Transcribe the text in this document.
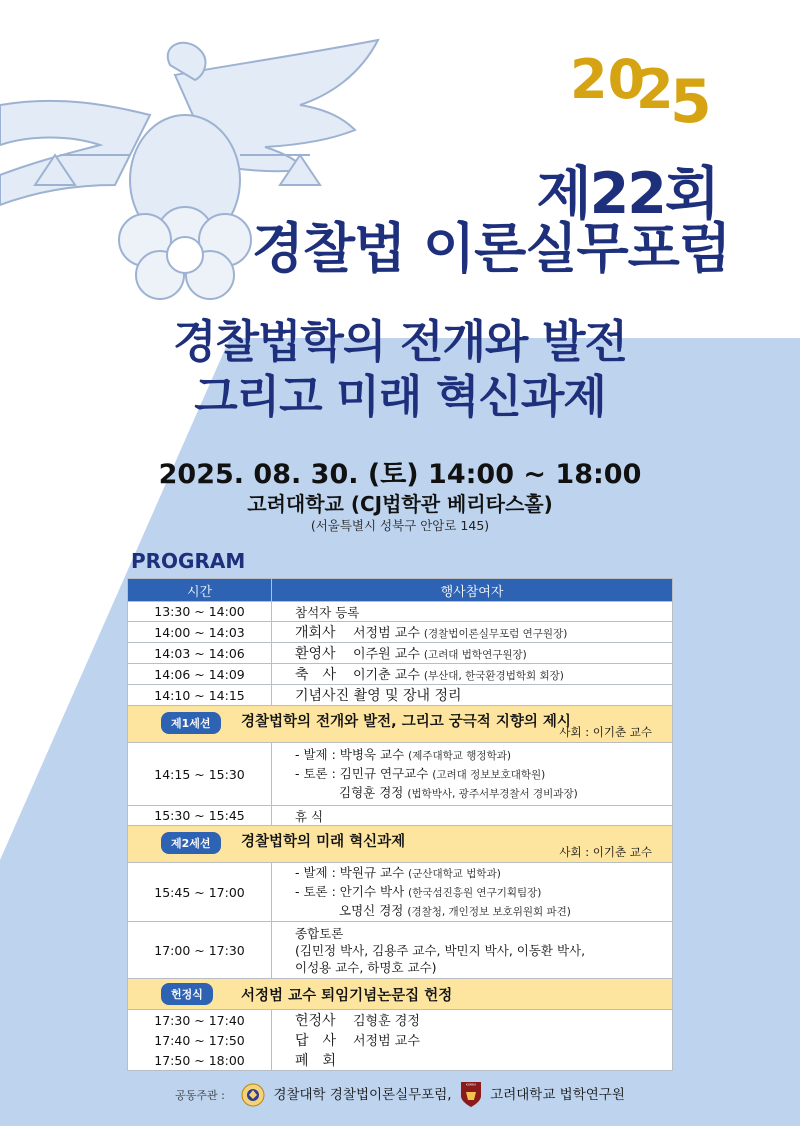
20
2
5
제22회
경찰법 이론실무포럼
경찰법학의 전개와 발전
그리고 미래 혁신과제
2025. 08. 30. (토) 14:00 ~ 18:00
고려대학교 (CJ법학관 베리타스홀)
(서울특별시 성북구 안암로 145)
PROGRAM
시간	행사참여자
13:30 ~ 14:00	참석자 등록
14:00 ~ 14:03	개회사 서정범 교수 (경찰법이론실무포럼 연구원장)
14:03 ~ 14:06	환영사 이주원 교수 (고려대 법학연구원장)
14:06 ~ 14:09	축　사 이기춘 교수 (부산대, 한국환경법학회 회장)
14:10 ~ 14:15	기념사진 촬영 및 장내 정리

제1세션 경찰법학의 전개와 발전, 그리고 궁극적 지향의 제시
사회 : 이기춘 교수	

14:15 ~ 15:30	- 발제 : 박병욱 교수 (제주대학교 행정학과)
- 토론 : 김민규 연구교수 (고려대 정보보호대학원)
김형훈 경정 (법학박사, 광주서부경찰서 경비과장)

15:30 ~ 15:45	휴 식

제2세션 경찰법학의 미래 혁신과제
사회 : 이기춘 교수	

15:45 ~ 17:00	- 발제 : 박원규 교수 (군산대학교 법학과)
- 토론 : 안기수 박사 (한국섬진흥원 연구기획팀장)
오명신 경정 (경찰청, 개인정보 보호위원회 파견)

17:00 ~ 17:30	종합토론
(김민정 박사, 김용주 교수, 박민지 박사, 이동환 박사,
이성용 교수, 하명호 교수)

헌정식 서정범 교수 퇴임기념논문집 헌정	

17:30 ~ 17:40	헌정사 김형훈 경정
17:40 ~ 17:50	답　사 서정범 교수
17:50 ~ 18:00	폐　회
공동주관 :	경찰대학 경찰법이론실무포럼,
KOREA
고려대학교 법학연구원
